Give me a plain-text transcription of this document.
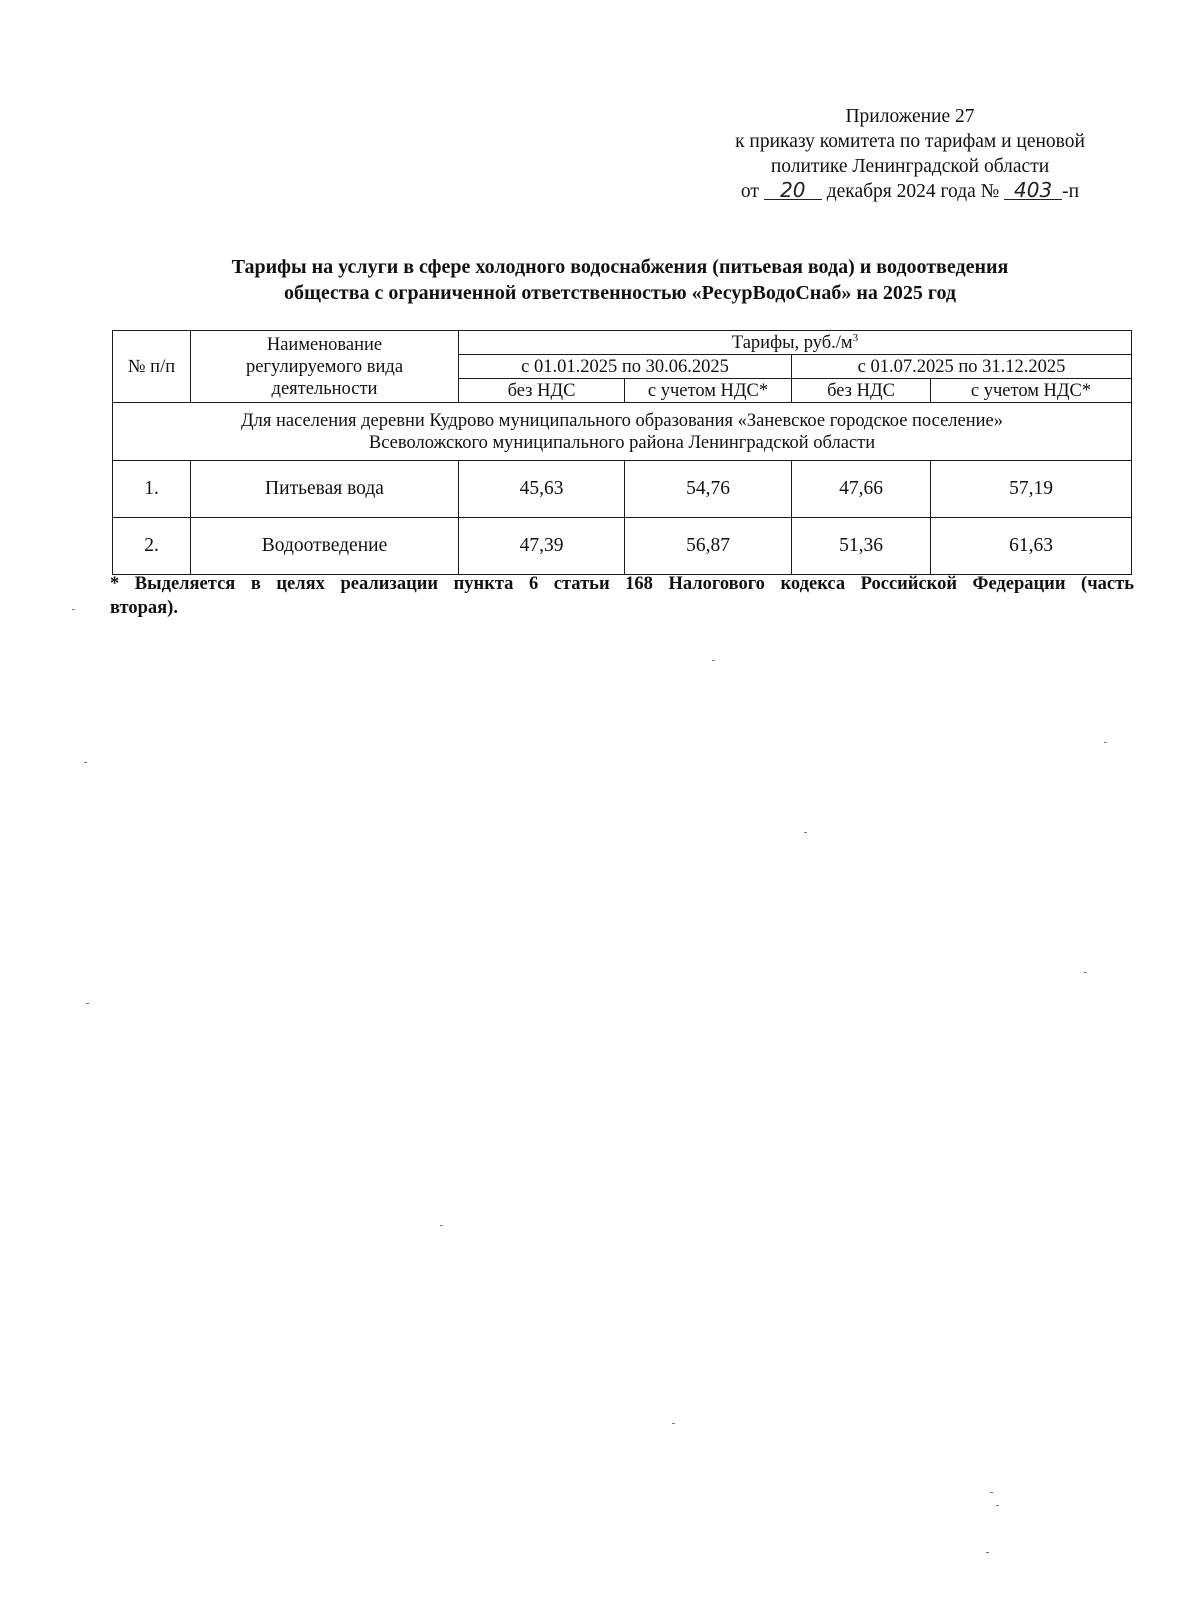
Приложение 27
к приказу комитета по тарифам и ценовой
политике Ленинградской области
от 20 декабря 2024 года № 403 -п
Тарифы на услуги в сфере холодного водоснабжения (питьевая вода) и водоотведения
общества с ограниченной ответственностью «РесурВодоСнаб» на 2025 год
№ п/п	Наименование
регулируемого вида
деятельности	Тарифы, $руб./м^3$
		с 01.01.2025 по 30.06.2025		с 01.07.2025 по 31.12.2025	
		без НДС	с учетом НДС*	без НДС	с учетом НДС*

Для населения деревни Кудрово муниципального образования «Заневское городское поселение»
Всеволожского муниципального района Ленинградской области					

1.	Питьевая вода	45,63	54,76	47,66	57,19
2.	Водоотведение	47,39	56,87	51,36	61,63
* Выделяется в целях реализации пункта 6 статьи 168 Налогового кодекса Российской Федерации (часть
вторая).
